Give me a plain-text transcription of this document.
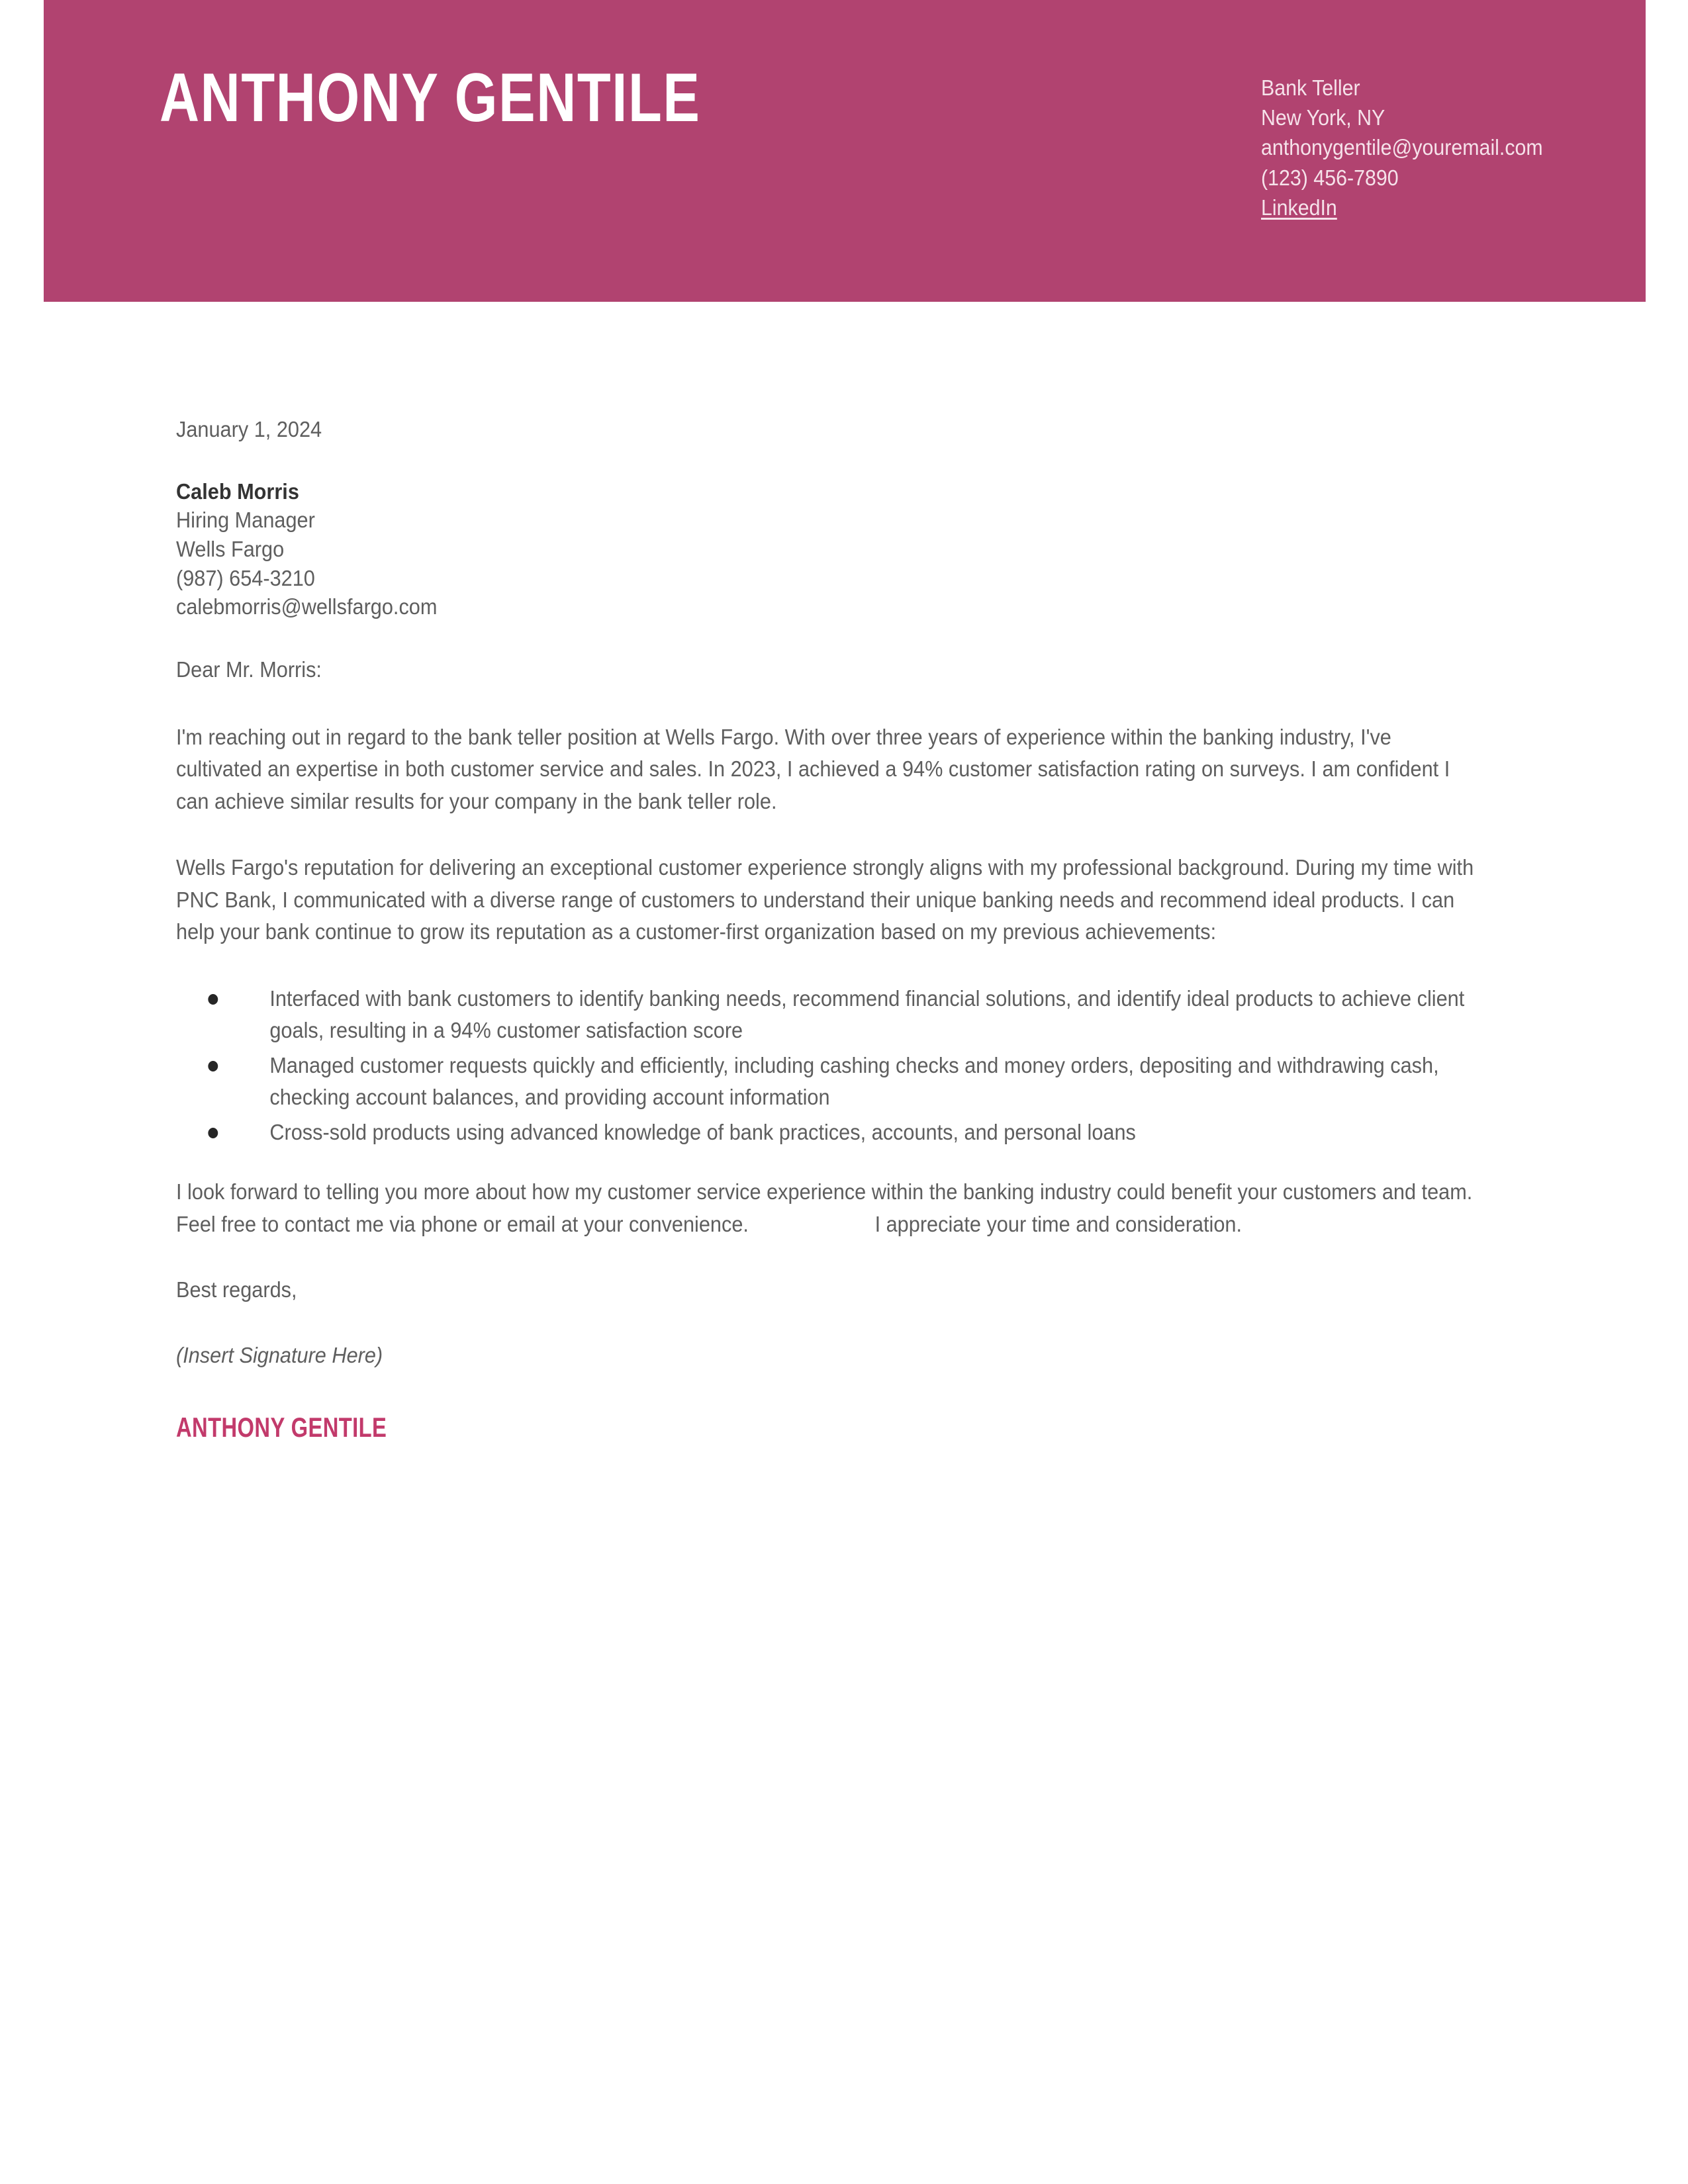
ANTHONY GENTILE	Bank Teller
New York, NY
anthonygentile@youremail.com
(123) 456-7890
LinkedIn
January 1, 2024
Caleb Morris
Hiring Manager
Wells Fargo
(987) 654-3210
calebmorris@wellsfargo.com
Dear Mr. Morris:
I'm reaching out in regard to the bank teller position at Wells Fargo. With over three years of experience within the banking industry, I've cultivated an expertise in both customer service and sales. In 2023, I achieved a 94% customer satisfaction rating on surveys. I am confident I can achieve similar results for your company in the bank teller role.
Wells Fargo's reputation for delivering an exceptional customer experience strongly aligns with my professional background. During my time with PNC Bank, I communicated with a diverse range of customers to understand their unique banking needs and recommend ideal products. I can help your bank continue to grow its reputation as a customer-first organization based on my previous achievements:
Interfaced with bank customers to identify banking needs, recommend financial solutions, and identify ideal products to achieve client goals, resulting in a 94% customer satisfaction score
Managed customer requests quickly and efficiently, including cashing checks and money orders, depositing and withdrawing cash, checking account balances, and providing account information
Cross-sold products using advanced knowledge of bank practices, accounts, and personal loans
I look forward to telling you more about how my customer service experience within the banking industry could benefit your customers and team. Feel free to contact me via phone or email at your convenience.	I appreciate your time and consideration.
Best regards,
(Insert Signature Here)
ANTHONY GENTILE
